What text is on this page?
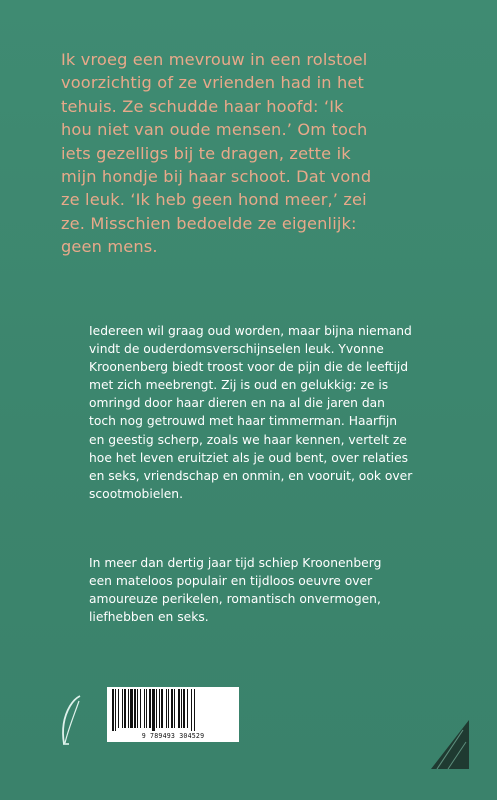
Ik vroeg een mevrouw in een rolstoel
voorzichtig of ze vrienden had in het
tehuis. Ze schudde haar hoofd: ‘Ik
hou niet van oude mensen.’ Om toch
iets gezelligs bij te dragen, zette ik
mijn hondje bij haar schoot. Dat vond
ze leuk. ‘Ik heb geen hond meer,’ zei
ze. Misschien bedoelde ze eigenlijk:
geen mens.
Iedereen wil graag oud worden, maar bijna niemand
vindt de ouderdomsverschijnselen leuk. Yvonne
Kroonenberg biedt troost voor de pijn die de leeftijd
met zich meebrengt. Zij is oud en gelukkig: ze is
omringd door haar dieren en na al die jaren dan
toch nog getrouwd met haar timmerman. Haarfijn
en geestig scherp, zoals we haar kennen, vertelt ze
hoe het leven eruitziet als je oud bent, over relaties
en seks, vriendschap en onmin, en vooruit, ook over
scootmobielen.
In meer dan dertig jaar tijd schiep Kroonenberg
een mateloos populair en tijdloos oeuvre over
amoureuze perikelen, romantisch onvermogen,
liefhebben en seks.
9 789493 304529
